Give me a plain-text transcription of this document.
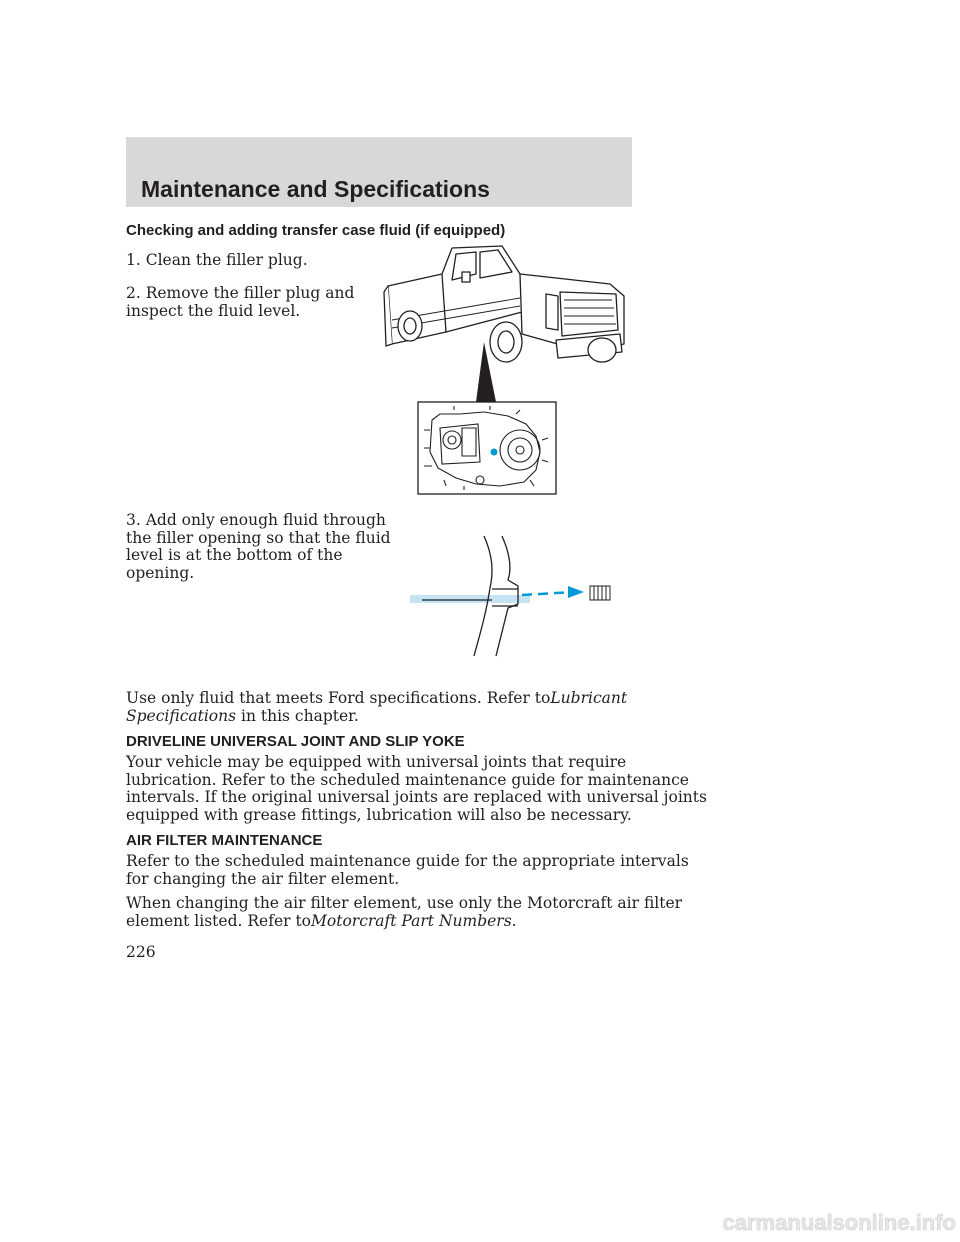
Maintenance and Specifications
Checking and adding transfer case fluid (if equipped)

1. Clean the filler plug.

2. Remove the filler plug and
inspect the fluid level.

3. Add only enough fluid through
the filler opening so that the fluid
level is at the bottom of the
opening.

Use only fluid that meets Ford specifications. Refer toLubricant
Specifications in this chapter.

DRIVELINE UNIVERSAL JOINT AND SLIP YOKE

Your vehicle may be equipped with universal joints that require
lubrication. Refer to the scheduled maintenance guide for maintenance
intervals. If the original universal joints are replaced with universal joints
equipped with grease fittings, lubrication will also be necessary.

AIR FILTER MAINTENANCE

Refer to the scheduled maintenance guide for the appropriate intervals
for changing the air filter element.

When changing the air filter element, use only the Motorcraft air filter
element listed. Refer toMotorcraft Part Numbers.

226

carmanualsonline.info
